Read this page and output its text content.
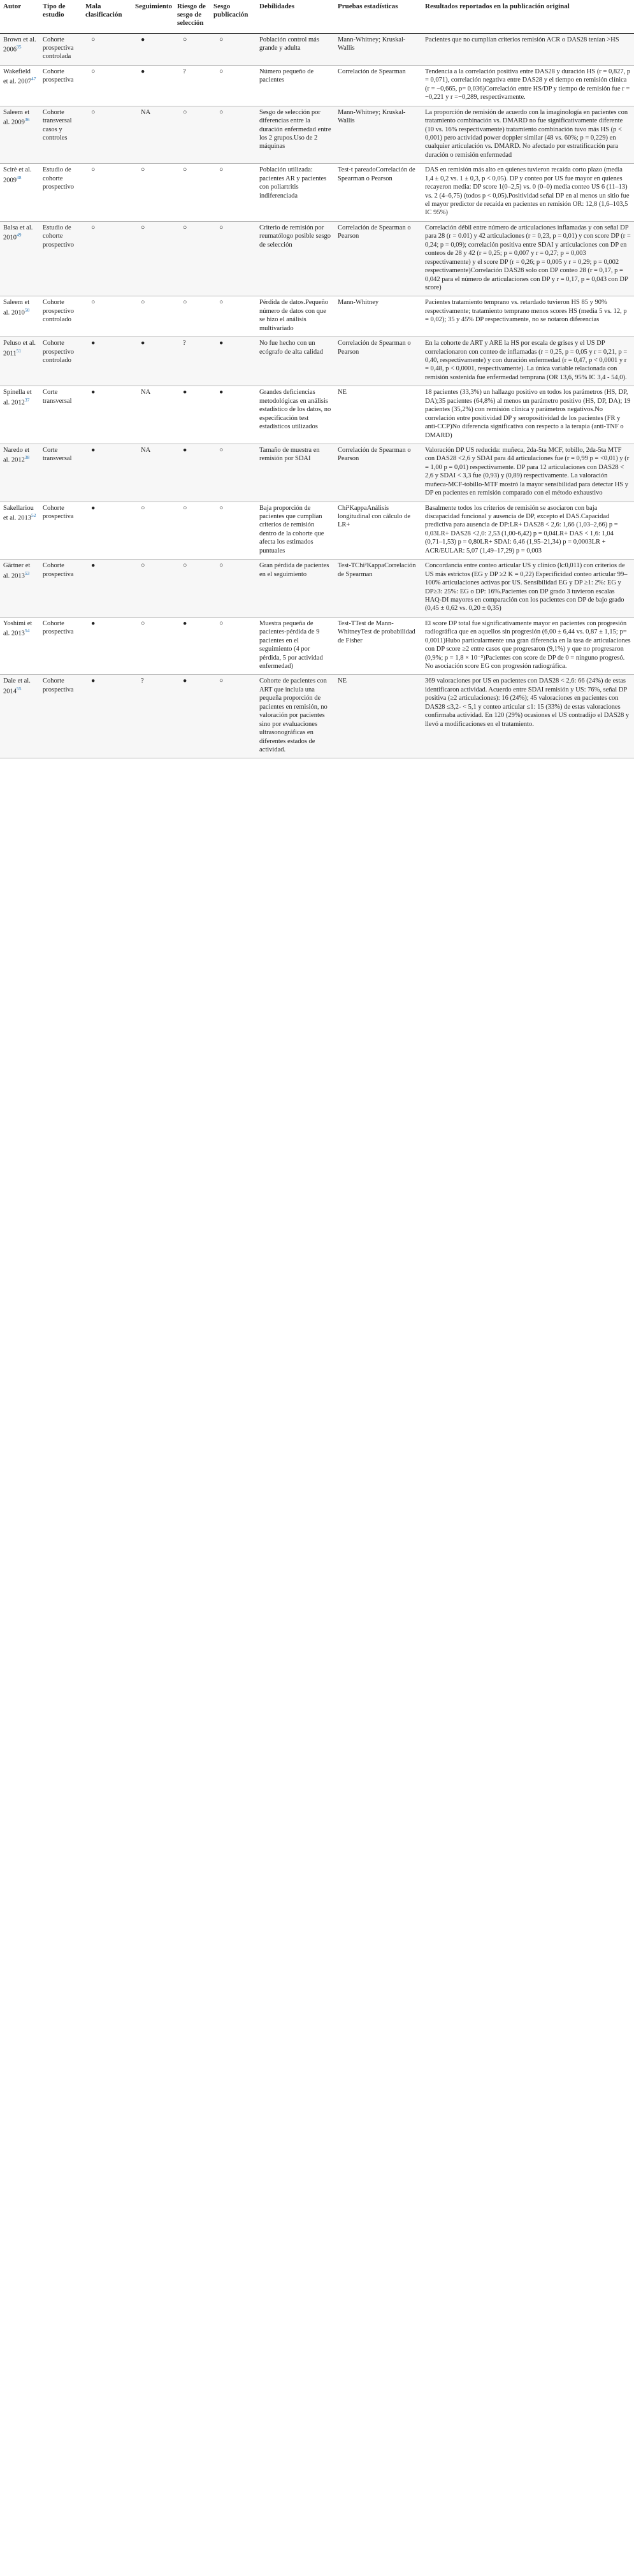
Autor	Tipo de estudio	Mala clasificación	Seguimiento	Riesgo de sesgo de selección	Sesgo publicación	Debilidades	Pruebas estadísticas	Resultados reportados en la publicación original
Brown et al. 2006$^{35}$	Cohorte prospectiva controlada	○	●	○	○	Población control más grande y adulta	Mann-Whitney; Kruskal-Wallis	Pacientes que no cumplían criterios remisión ACR o DAS28 tenían >HS
Wakefield et al. 2007$^{47}$	Cohorte prospectiva	○	●	?	○	Número pequeño de pacientes	Correlación de Spearman	Tendencia a la correlación positiva entre DAS28 y duración HS (r = 0,827, p = 0,071), correlación negativa entre DAS28 y el tiempo en remisión clínica (r = −0,665, p= 0,036)Correlación entre HS/DP y tiempo de remisión fue r = −0,221 y r =−0,289, respectivamente.
Saleem et al. 2009$^{36}$	Cohorte transversal casos y controles	○	NA	○	○	Sesgo de selección por diferencias entre la duración enfermedad entre los 2 grupos.Uso de 2 máquinas	Mann-Whitney; Kruskal-Wallis	La proporción de remisión de acuerdo con la imaginología en pacientes con tratamiento combinación vs. DMARD no fue significativamente diferente (10 vs. 16% respectivamente) tratamiento combinación tuvo más HS (p < 0,001) pero actividad power doppler similar (48 vs. 60%; p = 0,229) en cualquier articulación vs. DMARD. No afectado por estratificación para duración o remisión enfermedad
Scirè et al. 2009$^{48}$	Estudio de cohorte prospectivo	○	○	○	○	Población utilizada: pacientes AR y pacientes con poliartritis indiferenciada	Test-t pareadoCorrelación de Spearman o Pearson	DAS en remisión más alto en quienes tuvieron recaída corto plazo (media 1,4 ± 0,2 vs. 1 ± 0,3, p < 0,05). DP y conteo por US fue mayor en quienes recayeron media: DP score 1(0–2,5) vs. 0 (0–0) media conteo US 6 (11–13) vs. 2 (4–6,75) (todos p < 0,05).Positividad señal DP en al menos un sitio fue el mayor predictor de recaída en pacientes en remisión OR: 12,8 (1,6–103,5 IC 95%)
Balsa et al. 2010$^{49}$	Estudio de cohorte prospectivo	○	○	○	○	Criterio de remisión por reumatólogo posible sesgo de selección	Correlación de Spearman o Pearson	Correlación débil entre número de articulaciones inflamadas y con señal DP para 28 (r = 0.01) y 42 articulaciones (r = 0,23, p = 0,01) y con score DP (r = 0,24; p = 0,09); correlación positiva entre SDAI y articulaciones con DP en conteos de 28 y 42 (r = 0,25; p = 0,007 y r = 0,27; p = 0,003 respectivamente) y el score DP (r = 0,26; p = 0,005 y r = 0,29; p = 0,002 respectivamente)Correlación DAS28 solo con DP conteo 28 (r = 0,17, p = 0,042 para el número de articulaciones con DP y r = 0,17, p = 0,043 con DP score)
Saleem et al. 2010$^{50}$	Cohorte prospectivo controlado	○	○	○	○	Pérdida de datos.Pequeño número de datos con que se hizo el análisis multivariado	Mann-Whitney	Pacientes tratamiento temprano vs. retardado tuvieron HS 85 y 90% respectivamente; tratamiento temprano menos scores HS (media 5 vs. 12, p = 0,02); 35 y 45% DP respectivamente, no se notaron diferencias
Peluso et al. 2011$^{51}$	Cohorte prospectivo controlado	●	●	?	●	No fue hecho con un ecógrafo de alta calidad	Correlación de Spearman o Pearson	En la cohorte de ART y ARE la HS por escala de grises y el US DP correlacionaron con conteo de inflamadas (r = 0,25, p = 0,05 y r = 0,21, p = 0,40, respectivamente) y con duración enfermedad (r = 0,47, p < 0,0001 y r = 0,48, p < 0,0001, respectivamente). La única variable relacionada con remisión sostenida fue enfermedad temprana (OR 13,6, 95% IC 3,4 - 54,0).
Spinella et al. 2012$^{37}$	Corte transversal	●	NA	●	●	Grandes deficiencias metodológicas en análisis estadístico de los datos, no especificación test estadísticos utilizados	NE	18 pacientes (33,3%) un hallazgo positivo en todos los parámetros (HS, DP, DA);35 pacientes (64,8%) al menos un parámetro positivo (HS, DP, DA); 19 pacientes (35,2%) con remisión clínica y parámetros negativos.No correlación entre positividad DP y seropositividad de los pacientes (FR y anti-CCP)No diferencia significativa con respecto a la terapia (anti-TNF o DMARD)
Naredo et al. 2012$^{38}$	Corte transversal	●	NA	●	○	Tamaño de muestra en remisión por SDAI	Correlación de Spearman o Pearson	Valoración DP US reducida: muñeca, 2da-5ta MCF, tobillo, 2da-5ta MTF con DAS28 <2,6 y SDAI para 44 articulaciones fue (r = 0,99 p = <0,01) y (r = 1,00 p = 0,01) respectivamente. DP para 12 articulaciones con DAS28 < 2,6 y SDAI < 3,3 fue (0,93) y (0,89) respectivamente. La valoración muñeca-MCF-tobillo-MTF mostró la mayor sensibilidad para detectar HS y DP en pacientes en remisión comparado con el método exhaustivo
Sakellariou et al. 2013$^{52}$	Cohorte prospectiva	●	○	○	○	Baja proporción de pacientes que cumplían criterios de remisión dentro de la cohorte que afecta los estimados puntuales	Chi²KappaAnálisis longitudinal con cálculo de LR+	Basalmente todos los criterios de remisión se asociaron con baja discapacidad funcional y ausencia de DP, excepto el DAS.Capacidad predictiva para ausencia de DP:LR+ DAS28 < 2,6: 1,66 (1,03–2,66) p = 0,03LR+ DAS28 <2,0: 2,53 (1,00-6,42) p = 0,04LR+ DAS < 1,6: 1,04 (0,71–1,53) p = 0,80LR+ SDAI: 6,46 (1,95–21,34) p = 0,0003LR + ACR/EULAR: 5,07 (1,49–17,29) p = 0,003
Gärtner et al. 2013$^{53}$	Cohorte prospectiva	●	○	○	○	Gran pérdida de pacientes en el seguimiento	Test-TChi²KappaCorrelación de Spearman	Concordancia entre conteo articular US y clínico (k:0,011) con criterios de US más estrictos (EG y DP ≥2 K = 0,22) Especificidad conteo articular 99–100% articulaciones activas por US. Sensibilidad EG y DP ≥1: 2%: EG y DP≥3: 25%: EG o DP: 16%.Pacientes con DP grado 3 tuvieron escalas HAQ-DI mayores en comparación con los pacientes con DP de bajo grado (0,45 ± 0,62 vs. 0,20 ± 0,35)
Yoshimi et al. 2013$^{54}$	Cohorte prospectiva	●	○	●	○	Muestra pequeña de pacientes-pérdida de 9 pacientes en el seguimiento (4 por pérdida, 5 por actividad enfermedad)	Test-TTest de Mann-WhitneyTest de probabilidad de Fisher	El score DP total fue significativamente mayor en pacientes con progresión radiográfica que en aquellos sin progresión (6,00 ± 6,44 vs. 0,87 ± 1,15; p= 0,0011)Hubo particularmente una gran diferencia en la tasa de articulaciones con DP score ≥2 entre casos que progresaron (9,1%) y que no progresaron (0,9%; p = 1,8 × 10⁻⁵)Pacientes con score de DP de 0 = ninguno progresó. No asociación score EG con progresión radiográfica.
Dale et al. 2014$^{55}$	Cohorte prospectiva	●	?	●	○	Cohorte de pacientes con ART que incluía una pequeña proporción de pacientes en remisión, no valoración por pacientes sino por evaluaciones ultrasonográficas en diferentes estados de actividad.	NE	369 valoraciones por US en pacientes con DAS28 < 2,6: 66 (24%) de estas identificaron actividad. Acuerdo entre SDAI remisión y US: 76%, señal DP positiva (≥2 articulaciones): 16 (24%); 45 valoraciones en pacientes con DAS28 ≤3,2- < 5,1 y conteo articular ≤1: 15 (33%) de estas valoraciones confirmaba actividad. En 120 (29%) ocasiones el US contradijo el DAS28 y llevó a modificaciones en el tratamiento.
